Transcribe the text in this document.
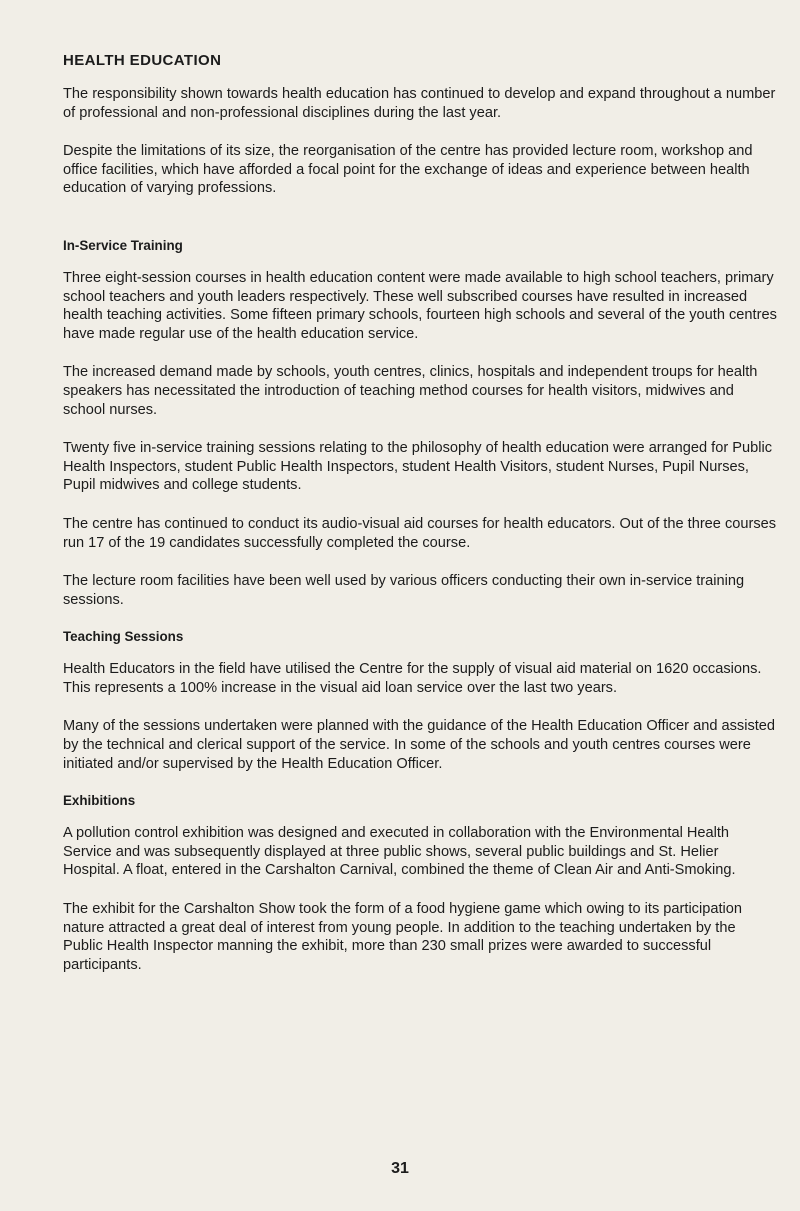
HEALTH EDUCATION

The responsibility shown towards health education has continued to develop and expand throughout a number of professional and non-professional disciplines during the last year.

Despite the limitations of its size, the reorganisation of the centre has provided lecture room, workshop and office facilities, which have afforded a focal point for the exchange of ideas and experience between health education of varying professions.

In-Service Training

Three eight-session courses in health education content were made available to high school teachers, primary school teachers and youth leaders respectively. These well subscribed courses have resulted in increased health teaching activities. Some fifteen primary schools, fourteen high schools and several of the youth centres have made regular use of the health education service.

The increased demand made by schools, youth centres, clinics, hospitals and independent troups for health speakers has necessitated the introduction of teaching method courses for health visitors, midwives and school nurses.

Twenty five in-service training sessions relating to the philosophy of health education were arranged for Public Health Inspectors, student Public Health Inspectors, student Health Visitors, student Nurses, Pupil Nurses, Pupil midwives and college students.

The centre has continued to conduct its audio-visual aid courses for health educators. Out of the three courses run 17 of the 19 candidates successfully completed the course.

The lecture room facilities have been well used by various officers conducting their own in-service training sessions.

Teaching Sessions

Health Educators in the field have utilised the Centre for the supply of visual aid material on 1620 occasions. This represents a 100% increase in the visual aid loan service over the last two years.

Many of the sessions undertaken were planned with the guidance of the Health Education Officer and assisted by the technical and clerical support of the service. In some of the schools and youth centres courses were initiated and/or supervised by the Health Education Officer.

Exhibitions

A pollution control exhibition was designed and executed in collaboration with the Environmental Health Service and was subsequently displayed at three public shows, several public buildings and St. Helier Hospital. A float, entered in the Carshalton Carnival, combined the theme of Clean Air and Anti-Smoking.

The exhibit for the Carshalton Show took the form of a food hygiene game which owing to its participation nature attracted a great deal of interest from young people. In addition to the teaching undertaken by the Public Health Inspector manning the exhibit, more than 230 small prizes were awarded to successful participants.

31
